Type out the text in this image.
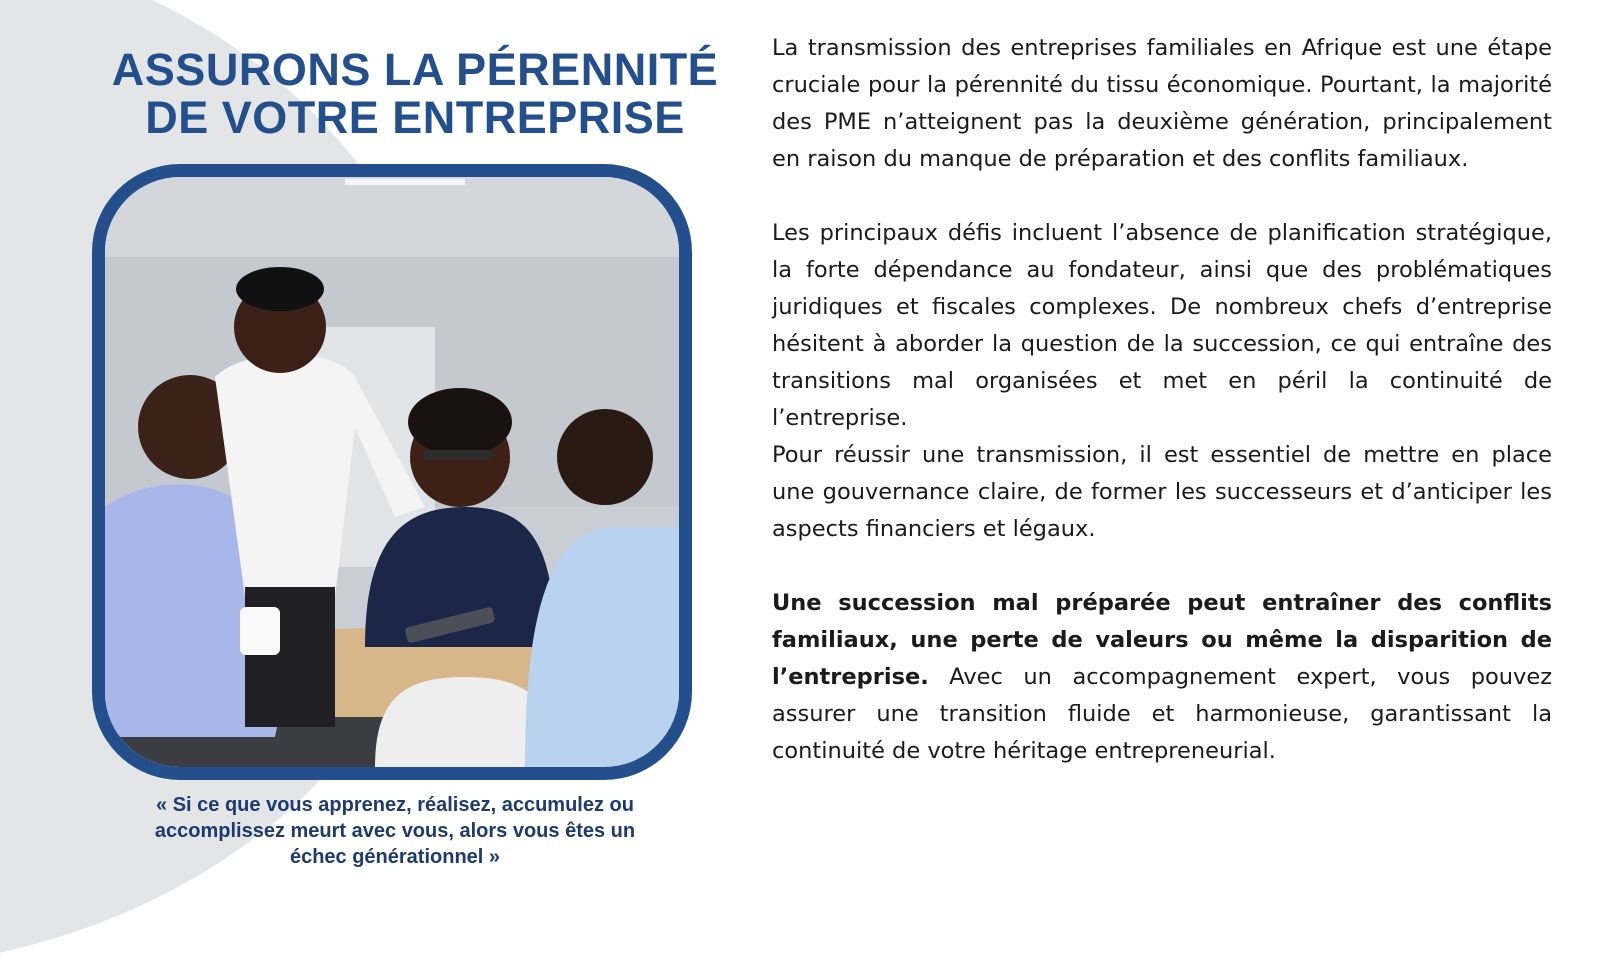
ASSURONS LA PÉRENNITÉ
DE VOTRE ENTREPRISE

« Si ce que vous apprenez, réalisez, accumulez ou
accomplissez meurt avec vous, alors vous êtes un
échec générationnel »

La transmission des entreprises familiales en Afrique est une étape cruciale pour la pérennité du tissu économique. Pourtant, la majorité des PME n’atteignent pas la deuxième génération, principalement en raison du manque de préparation et des conflits familiaux.

Les principaux défis incluent l’absence de planification stratégique, la forte dépendance au fondateur, ainsi que des problématiques juridiques et fiscales complexes. De nombreux chefs d’entreprise hésitent à aborder la question de la succession, ce qui entraîne des transitions mal organisées et met en péril la continuité de l’entreprise.

Pour réussir une transmission, il est essentiel de mettre en place une gouvernance claire, de former les successeurs et d’anticiper les aspects financiers et légaux.

Une succession mal préparée peut entraîner des conflits familiaux, une perte de valeurs ou même la disparition de l’entreprise. Avec un accompagnement expert, vous pouvez assurer une transition fluide et harmonieuse, garantissant la continuité de votre héritage entrepreneurial.
